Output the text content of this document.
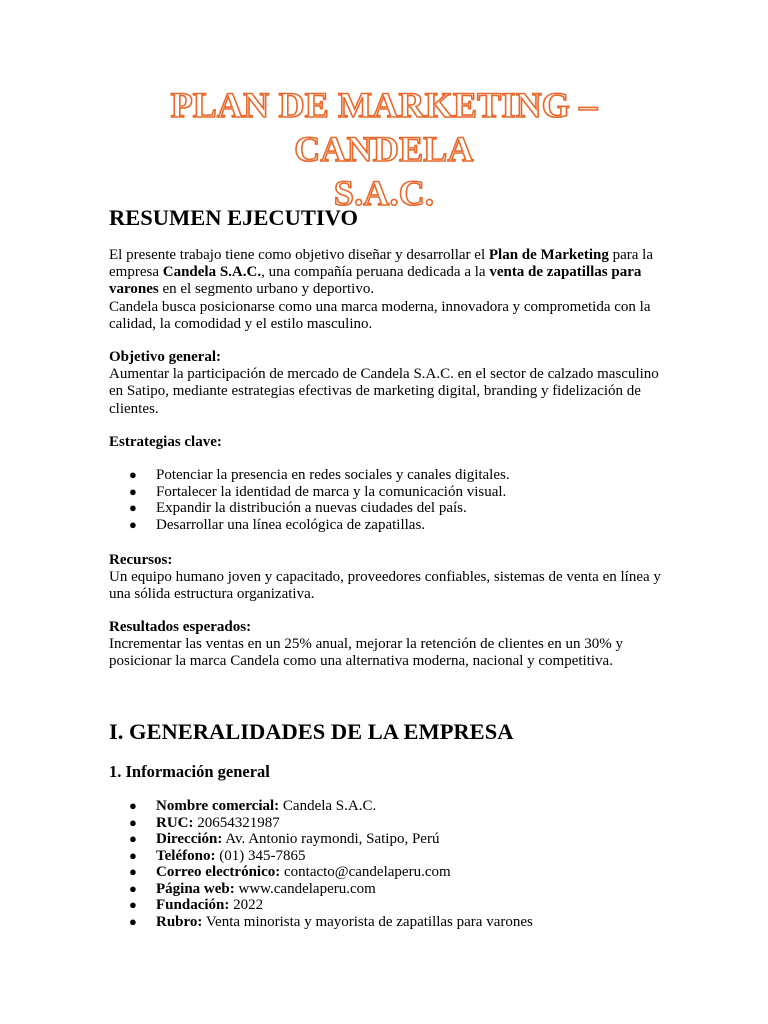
PLAN DE MARKETING – CANDELA
S.A.C.
RESUMEN EJECUTIVO

El presente trabajo tiene como objetivo diseñar y desarrollar el Plan de Marketing para la empresa Candela S.A.C., una compañía peruana dedicada a la venta de zapatillas para varones en el segmento urbano y deportivo.

Candela busca posicionarse como una marca moderna, innovadora y comprometida con la calidad, la comodidad y el estilo masculino.

Objetivo general:

Aumentar la participación de mercado de Candela S.A.C. en el sector de calzado masculino en Satipo, mediante estrategias efectivas de marketing digital, branding y fidelización de clientes.

Estrategias clave:

● Potenciar la presencia en redes sociales y canales digitales.
● Fortalecer la identidad de marca y la comunicación visual.
● Expandir la distribución a nuevas ciudades del país.
● Desarrollar una línea ecológica de zapatillas.

Recursos:

Un equipo humano joven y capacitado, proveedores confiables, sistemas de venta en línea y una sólida estructura organizativa.

Resultados esperados:

Incrementar las ventas en un 25% anual, mejorar la retención de clientes en un 30% y posicionar la marca Candela como una alternativa moderna, nacional y competitiva.

I. GENERALIDADES DE LA EMPRESA
1. Información general
● Nombre comercial: Candela S.A.C.
● RUC: 20654321987
● Dirección: Av. Antonio raymondi, Satipo, Perú
● Teléfono: (01) 345-7865
● Correo electrónico: contacto@candelaperu.com
● Página web: www.candelaperu.com
● Fundación: 2022
● Rubro: Venta minorista y mayorista de zapatillas para varones
